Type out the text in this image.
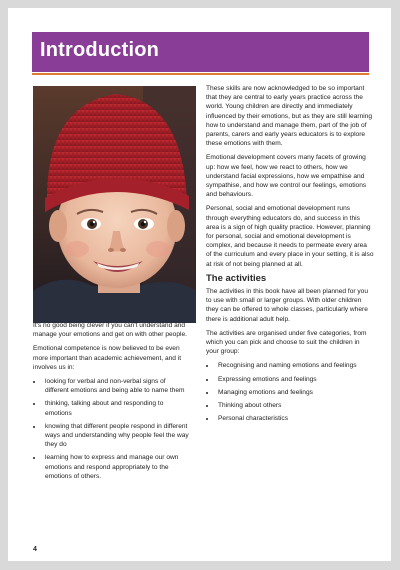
Introduction

It's no good being clever if you can't understand and manage your emotions and get on with other people.

Emotional competence is now believed to be even more important than academic achievement, and it involves us in:

• looking for verbal and non-verbal signs of different emotions and being able to name them
• thinking, talking about and responding to emotions
• knowing that different people respond in different ways and understanding why people feel the way they do
• learning how to express and manage our own emotions and respond appropriately to the emotions of others.

These skills are now acknowledged to be so important that they are central to early years practice across the world. Young children are directly and immediately influenced by their emotions, but as they are still learning how to understand and manage them, part of the job of parents, carers and early years educators is to explore these emotions with them.

Emotional development covers many facets of growing up: how we feel, how we react to others, how we understand facial expressions, how we empathise and sympathise, and how we control our feelings, emotions and behaviours.

Personal, social and emotional development runs through everything educators do, and success in this area is a sign of high quality practice. However, planning for personal, social and emotional development is complex, and because it needs to permeate every area of the curriculum and every place in your setting, it is also at risk of not being planned at all.

The activities

The activities in this book have all been planned for you to use with small or larger groups. With older children they can be offered to whole classes, particularly where there is additional adult help.

The activities are organised under five categories, from which you can pick and choose to suit the children in your group:

• Recognising and naming emotions and feelings
• Expressing emotions and feelings
• Managing emotions and feelings
• Thinking about others
• Personal characteristics
4
